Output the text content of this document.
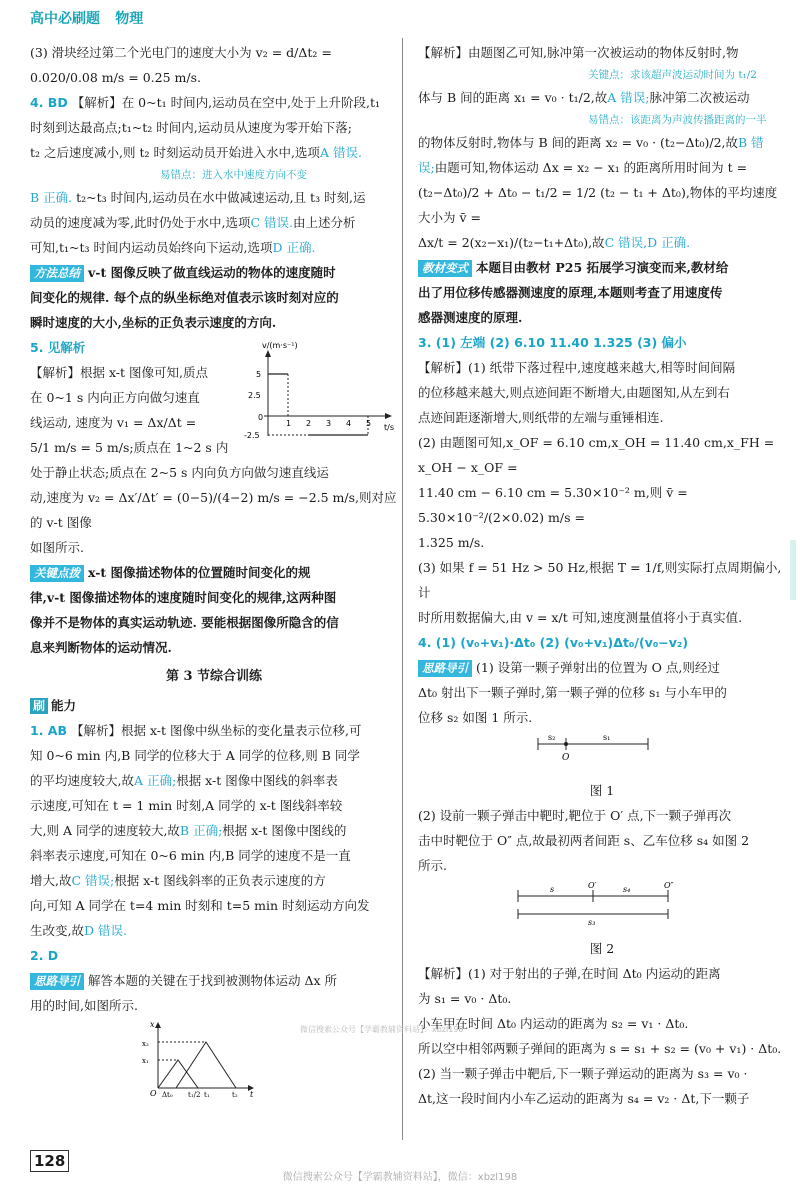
高中必刷题 物理

(3) 滑块经过第二个光电门的速度大小为 v₂ = d/Δt₂ =

0.020/0.08 m/s = 0.25 m/s.

4. BD 【解析】在 0~t₁ 时间内,运动员在空中,处于上升阶段,t₁

时刻到达最高点;t₁~t₂ 时间内,运动员从速度为零开始下落;

t₂ 之后速度减小,则 t₂ 时刻运动员开始进入水中,选项A 错误.

易错点：进入水中速度方向不变

B 正确. t₂~t₃ 时间内,运动员在水中做减速运动,且 t₃ 时刻,运

动员的速度减为零,此时仍处于水中,选项C 错误.由上述分析

可知,t₁~t₃ 时间内运动员始终向下运动,选项D 正确.

方法总结 v-t 图像反映了做直线运动的物体的速度随时

间变化的规律. 每个点的纵坐标绝对值表示该时刻对应的

瞬时速度的大小,坐标的正负表示速度的方向.

5. 见解析

【解析】根据 x-t 图像可知,质点

在 0~1 s 内向正方向做匀速直

线运动, 速度为 v₁ = Δx/Δt =

5/1 m/s = 5 m/s;质点在 1~2 s 内

v/(m·s⁻¹)
t/s
5
2.5
0
-2.5
1 2 3 4 5

处于静止状态;质点在 2~5 s 内向负方向做匀速直线运

动,速度为 v₂ = Δx′/Δt′ = (0−5)/(4−2) m/s = −2.5 m/s,则对应的 v-t 图像

如图所示.

关键点拨 x-t 图像描述物体的位置随时间变化的规

律,v-t 图像描述物体的速度随时间变化的规律,这两种图

像并不是物体的真实运动轨迹. 要能根据图像所隐含的信

息来判断物体的运动情况.

第 3 节综合训练

刷 能力

1. AB 【解析】根据 x-t 图像中纵坐标的变化量表示位移,可

知 0~6 min 内,B 同学的位移大于 A 同学的位移,则 B 同学

的平均速度较大,故A 正确;根据 x-t 图像中图线的斜率表

示速度,可知在 t = 1 min 时刻,A 同学的 x-t 图线斜率较

大,则 A 同学的速度较大,故B 正确;根据 x-t 图像中图线的

斜率表示速度,可知在 0~6 min 内,B 同学的速度不是一直

增大,故C 错误;根据 x-t 图线斜率的正负表示速度的方

向,可知 A 同学在 t=4 min 时刻和 t=5 min 时刻运动方向发

生改变,故D 错误.

2. D

思路导引 解答本题的关键在于找到被测物体运动 Δx 所

用的时间,如图所示.

x
x₂
x₁
O Δt₀ t₁/2 t₁	t₂ t

【解析】由题图乙可知,脉冲第一次被运动的物体反射时,物

关键点：求该超声波运动时间为 t₁/2

体与 B 间的距离 x₁ = v₀ · t₁/2,故A 错误;脉冲第二次被运动

易错点：该距离为声波传播距离的一半

的物体反射时,物体与 B 间的距离 x₂ = v₀ · (t₂−Δt₀)/2,故B 错

误;由题可知,物体运动 Δx = x₂ − x₁ 的距离所用时间为 t =

(t₂−Δt₀)/2 + Δt₀ − t₁/2 = 1/2 (t₂ − t₁ + Δt₀),物体的平均速度大小为 v̄ =

Δx/t = 2(x₂−x₁)/(t₂−t₁+Δt₀),故C 错误,D 正确.

教材变式 本题目由教材 P25 拓展学习演变而来,教材给

出了用位移传感器测速度的原理,本题则考查了用速度传

感器测速度的原理.

3. (1) 左端 (2) 6.10 11.40 1.325 (3) 偏小

【解析】(1) 纸带下落过程中,速度越来越大,相等时间间隔

的位移越来越大,则点迹间距不断增大,由题图知,从左到右

点迹间距逐渐增大,则纸带的左端与重锤相连.

(2) 由题图可知,x_OF = 6.10 cm,x_OH = 11.40 cm,x_FH = x_OH − x_OF =

11.40 cm − 6.10 cm = 5.30×10⁻² m,则 v̄ = 5.30×10⁻²/(2×0.02) m/s =

1.325 m/s.

(3) 如果 f = 51 Hz > 50 Hz,根据 T = 1/f,则实际打点周期偏小,计

时所用数据偏大,由 v = x/t 可知,速度测量值将小于真实值.

4. (1) (v₀+v₁)·Δt₀ (2) (v₀+v₁)Δt₀/(v₀−v₂)

思路导引 (1) 设第一颗子弹射出的位置为 O 点,则经过

Δt₀ 射出下一颗子弹时,第一颗子弹的位移 s₁ 与小车甲的

位移 s₂ 如图 1 所示.

s₂	s₁
O

图 1

(2) 设前一颗子弹击中靶时,靶位于 O′ 点,下一颗子弹再次

击中时靶位于 O″ 点,故最初两者间距 s、乙车位移 s₄ 如图 2

所示.

s	O′	s₄	O″
s₃

图 2

【解析】(1) 对于射出的子弹,在时间 Δt₀ 内运动的距离

为 s₁ = v₀ · Δt₀.

小车甲在时间 Δt₀ 内运动的距离为 s₂ = v₁ · Δt₀.

所以空中相邻两颗子弹间的距离为 s = s₁ + s₂ = (v₀ + v₁) · Δt₀.

(2) 当一颗子弹击中靶后,下一颗子弹运动的距离为 s₃ = v₀ ·

Δt,这一段时间内小车乙运动的距离为 s₄ = v₂ · Δt,下一颗子

微信搜索公众号【学霸教辅资料站】：xbzl198
128
微信搜索公众号【学霸教辅资料站】，微信：xbzl198
